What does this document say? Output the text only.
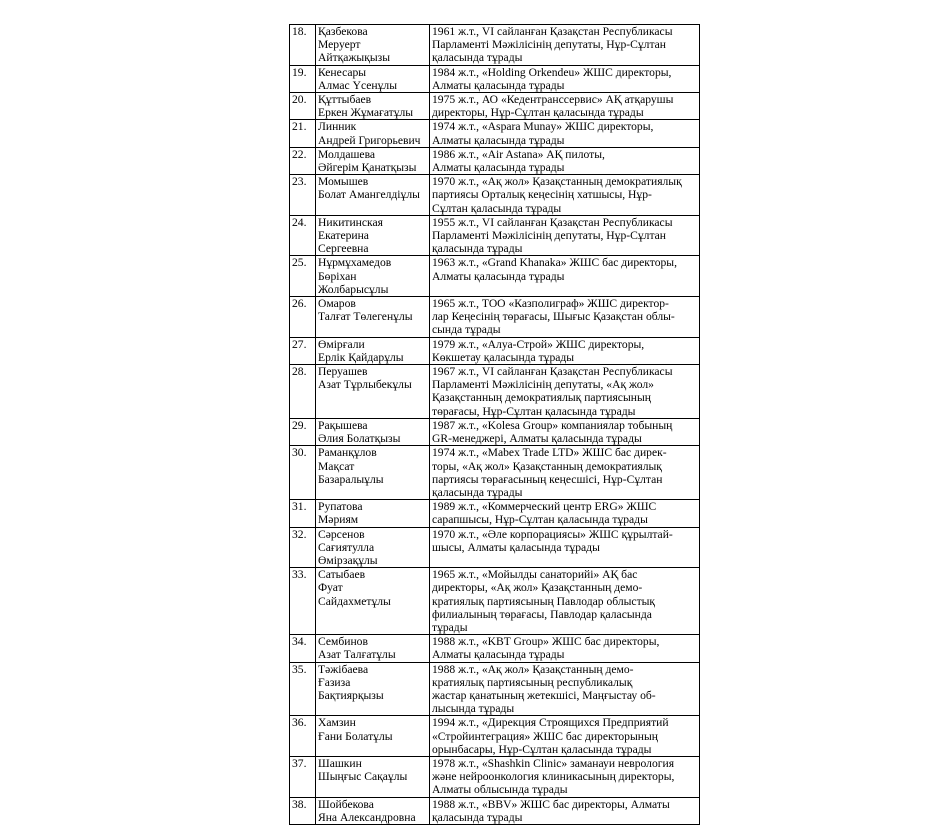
18.	Қазбекова
Меруерт
Айтқажықызы	1961 ж.т., VI сайланған Қазақстан Республикасы
Парламенті Мәжілісінің депутаты, Нұр-Сұлтан
қаласында тұрады

19.	Кенесары
Алмас Үсенұлы	1984 ж.т., «Holding Orkendeu» ЖШС директоры,
Алматы қаласында тұрады

20.	Құттыбаев
Еркен Жұмағатұлы	1975 ж.т., АО «Кедентранссервис» АҚ атқарушы
директоры, Нұр-Сұлтан қаласында тұрады

21.	Линник
Андрей Григорьевич	1974 ж.т., «Aspara Munay» ЖШС директоры,
Алматы қаласында тұрады

22.	Молдашева
Әйгерім Қанатқызы	1986 ж.т., «Air Astana» АҚ пилоты,
Алматы қаласында тұрады

23.	Момышев
Болат Амангелдіұлы	1970 ж.т., «Ақ жол» Қазақстанның демократиялық
партиясы Орталық кеңесінің хатшысы, Нұр-
Сұлтан қаласында тұрады

24.	Никитинская
Екатерина
Сергеевна	1955 ж.т., VI сайланған Қазақстан Республикасы
Парламенті Мәжілісінің депутаты, Нұр-Сұлтан
қаласында тұрады

25.	Нұрмұхамедов
Бөріхан
Жолбарысұлы	1963 ж.т., «Grand Khanaka» ЖШС бас директоры,
Алматы қаласында тұрады

26.	Омаров
Талғат Төлегенұлы	1965 ж.т., ТОО «Казполиграф» ЖШС директор-
лар Кеңесінің төрағасы, Шығыс Қазақстан облы-
сында тұрады

27.	Өмірғали
Ерлік Қайдарұлы	1979 ж.т., «Алуа-Строй» ЖШС директоры,
Көкшетау қаласында тұрады

28.	Перуашев
Азат Тұрлыбекұлы	1967 ж.т., VI сайланған Қазақстан Республикасы
Парламенті Мәжілісінің депутаты, «Ақ жол»
Қазақстанның демократиялық партиясының
төрағасы, Нұр-Сұлтан қаласында тұрады

29.	Рақышева
Әлия Болатқызы	1987 ж.т., «Kolesa Group» компаниялар тобының
GR-менеджері, Алматы қаласында тұрады

30.	Раманқұлов
Мақсат
Базаралыұлы	1974 ж.т., «Mabex Trade LTD» ЖШС бас дирек-
торы, «Ақ жол» Қазақстанның демократиялық
партиясы төрағасының кеңесшісі, Нұр-Сұлтан
қаласында тұрады

31.	Рупатова
Мәриям	1989 ж.т., «Коммерческий центр ERG» ЖШС
сарапшысы, Нұр-Сұлтан қаласында тұрады

32.	Сәрсенов
Сағиятулла
Өмірзақұлы	1970 ж.т., «Әле корпорациясы» ЖШС құрылтай-
шысы, Алматы қаласында тұрады

33.	Сатыбаев
Фуат
Сайдахметұлы	1965 ж.т., «Мойылды санаторийі» АҚ бас
директоры, «Ақ жол» Қазақстанның демо-
кратиялық партиясының Павлодар облыстық
филиалының төрағасы, Павлодар қаласында
тұрады

34.	Сембинов
Азат Талғатұлы	1988 ж.т., «KBT Group» ЖШС бас директоры,
Алматы қаласында тұрады

35.	Тәжібаева
Ғазиза
Бақтиярқызы	1988 ж.т., «Ақ жол» Қазақстанның демо-
кратиялық партиясының республикалық
жастар қанатының жетекшісі, Маңғыстау об-
лысында тұрады

36.	Хамзин
Ғани Болатұлы	1994 ж.т., «Дирекция Строящихся Предприятий
«Стройинтеграция» ЖШС бас директорының
орынбасары, Нұр-Сұлтан қаласында тұрады

37.	Шашкин
Шыңғыс Сақаұлы	1978 ж.т., «Shashkin Clinic» заманауи неврология
және нейроонкология клиникасының директоры,
Алматы облысында тұрады

38.	Шойбекова
Яна Александровна	1988 ж.т., «BBV» ЖШС бас директоры, Алматы
қаласында тұрады
